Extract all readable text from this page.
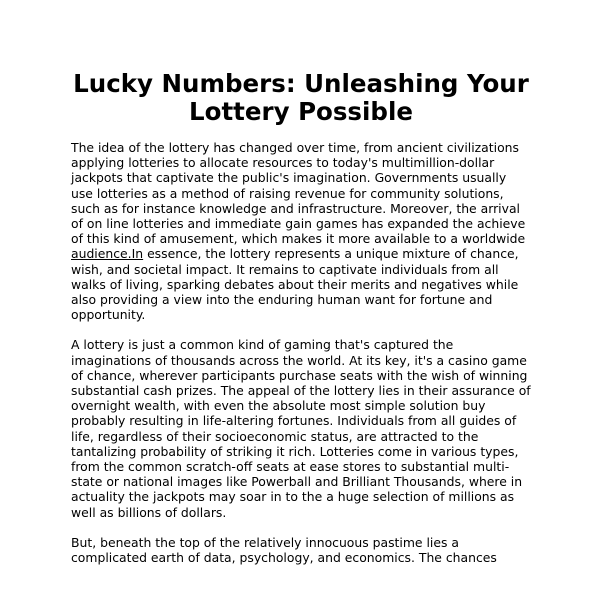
Lucky Numbers: Unleashing Your Lottery Possible

The idea of the lottery has changed over time, from ancient civilizations applying lotteries to allocate resources to today's multimillion-dollar jackpots that captivate the public's imagination. Governments usually use lotteries as a method of raising revenue for community solutions, such as for instance knowledge and infrastructure. Moreover, the arrival of on line lotteries and immediate gain games has expanded the achieve of this kind of amusement, which makes it more available to a worldwide audience.In essence, the lottery represents a unique mixture of chance, wish, and societal impact. It remains to captivate individuals from all walks of living, sparking debates about their merits and negatives while also providing a view into the enduring human want for fortune and opportunity.

A lottery is just a common kind of gaming that's captured the imaginations of thousands across the world. At its key, it's a casino game of chance, wherever participants purchase seats with the wish of winning substantial cash prizes. The appeal of the lottery lies in their assurance of overnight wealth, with even the absolute most simple solution buy probably resulting in life-altering fortunes. Individuals from all guides of life, regardless of their socioeconomic status, are attracted to the tantalizing probability of striking it rich. Lotteries come in various types, from the common scratch-off seats at ease stores to substantial multi-state or national images like Powerball and Brilliant Thousands, where in actuality the jackpots may soar in to the a huge selection of millions as well as billions of dollars.

But, beneath the top of the relatively innocuous pastime lies a complicated earth of data, psychology, and economics. The chances
